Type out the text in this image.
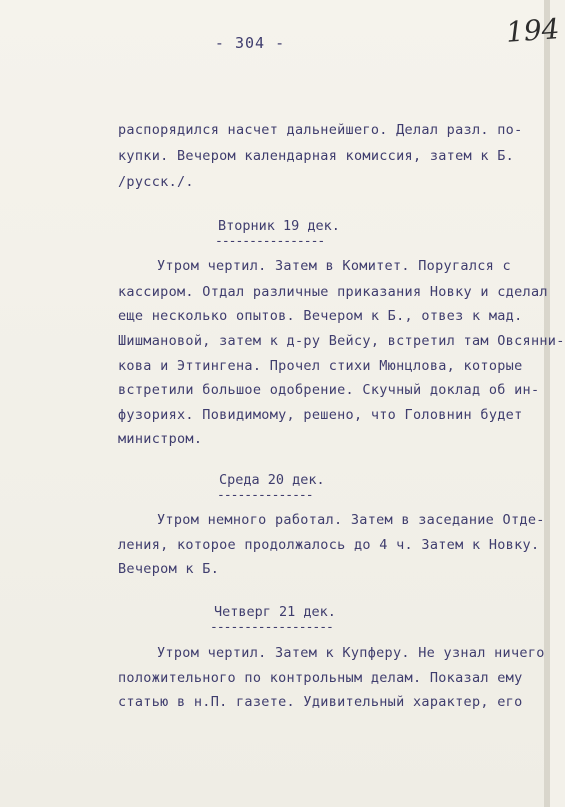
- 304 -	194
распорядился насчет дальнейшего. Делал разл. по-
купки. Вечером календарная комиссия, затем к Б.
/русск./.
Вторник 19 дек.
----------------
Утром чертил. Затем в Комитет. Поругался с
кассиром. Отдал различные приказания Новку и сделал
еще несколько опытов. Вечером к Б., отвез к мад.
Шишмановой, затем к д-ру Вейсу, встретил там Овсянни-
кова и Эттингена. Прочел стихи Мюнцлова, которые
встретили большое одобрение. Скучный доклад об ин-
фузориях. Повидимому, решено, что Головнин будет
министром.
Среда 20 дек.
--------------
Утром немного работал. Затем в заседание Отде-
ления, которое продолжалось до 4 ч. Затем к Новку.
Вечером к Б.
Четверг 21 дек.
------------------
Утром чертил. Затем к Купферу. Не узнал ничего
положительного по контрольным делам. Показал ему
статью в н.П. газете. Удивительный характер, его
